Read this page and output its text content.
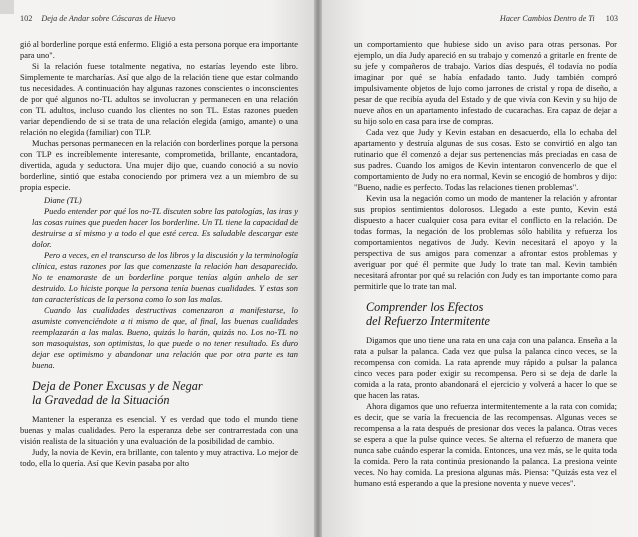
102 Deja de Andar sobre Cáscaras de Huevo

gió al borderline porque está enfermo. Eligió a esta persona porque era importante para uno".

Si la relación fuese totalmente negativa, no estarías leyendo este libro. Simplemente te marcharías. Así que algo de la relación tiene que estar colmando tus necesidades. A continuación hay algunas razones conscientes o inconscientes de por qué algunos no-TL adultos se involucran y permanecen en una relación con TL adultos, incluso cuando los clientes no son TL. Estas razones pueden variar dependiendo de si se trata de una relación elegida (amigo, amante) o una relación no elegida (familiar) con TLP.

Muchas personas permanecen en la relación con borderlines porque la persona con TLP es increíblemente interesante, comprometida, brillante, encantadora, divertida, aguda y seductora. Una mujer dijo que, cuando conoció a su novio borderline, sintió que estaba conociendo por primera vez a un miembro de su propia especie.

Diane (TL)

Puedo entender por qué los no-TL discuten sobre las patologías, las iras y las cosas ruines que pueden hacer los borderline. Un TL tiene la capacidad de destruirse a sí mismo y a todo el que esté cerca. Es saludable descargar este dolor.

Pero a veces, en el transcurso de los libros y la discusión y la terminología clínica, estas razones por las que comenzaste la relación han desaparecido. No te enamoraste de un borderline porque tenías algún anhelo de ser destruido. Lo hiciste porque la persona tenía buenas cualidades. Y estas son tan características de la persona como lo son las malas.

Cuando las cualidades destructivas comenzaron a manifestarse, lo asumiste convenciéndote a ti mismo de que, al final, las buenas cualidades reemplazarán a las malas. Bueno, quizás lo harán, quizás no. Los no-TL no son masoquistas, son optimistas, lo que puede o no tener resultado. Es duro dejar ese optimismo y abandonar una relación que por otra parte es tan buena.

Deja de Poner Excusas y de Negar
la Gravedad de la Situación

Mantener la esperanza es esencial. Y es verdad que todo el mundo tiene buenas y malas cualidades. Pero la esperanza debe ser contrarrestada con una visión realista de la situación y una evaluación de la posibilidad de cambio.

Judy, la novia de Kevin, era brillante, con talento y muy atractiva. Lo mejor de todo, ella lo quería. Así que Kevin pasaba por alto

Hacer Cambios Dentro de Ti 103

un comportamiento que hubiese sido un aviso para otras personas. Por ejemplo, un día Judy apareció en su trabajo y comenzó a gritarle en frente de su jefe y compañeros de trabajo. Varios días después, él todavía no podía imaginar por qué se había enfadado tanto. Judy también compró impulsivamente objetos de lujo como jarrones de cristal y ropa de diseño, a pesar de que recibía ayuda del Estado y de que vivía con Kevin y su hijo de nueve años en un apartamento infestado de cucarachas. Era capaz de dejar a su hijo solo en casa para irse de compras.

Cada vez que Judy y Kevin estaban en desacuerdo, ella lo echaba del apartamento y destruía algunas de sus cosas. Esto se convirtió en algo tan rutinario que él comenzó a dejar sus pertenencias más preciadas en casa de sus padres. Cuando los amigos de Kevin intentaron convencerlo de que el comportamiento de Judy no era normal, Kevin se encogió de hombros y dijo: "Bueno, nadie es perfecto. Todas las relaciones tienen problemas".

Kevin usa la negación como un modo de mantener la relación y afrontar sus propios sentimientos dolorosos. Llegado a este punto, Kevin está dispuesto a hacer cualquier cosa para evitar el conflicto en la relación. De todas formas, la negación de los problemas sólo habilita y refuerza los comportamientos negativos de Judy. Kevin necesitará el apoyo y la perspectiva de sus amigos para comenzar a afrontar estos problemas y averiguar por qué él permite que Judy lo trate tan mal. Kevin también necesitará afrontar por qué su relación con Judy es tan importante como para permitirle que lo trate tan mal.

Comprender los Efectos
del Refuerzo Intermitente

Digamos que uno tiene una rata en una caja con una palanca. Enseña a la rata a pulsar la palanca. Cada vez que pulsa la palanca cinco veces, se la recompensa con comida. La rata aprende muy rápido a pulsar la palanca cinco veces para poder exigir su recompensa. Pero si se deja de darle la comida a la rata, pronto abandonará el ejercicio y volverá a hacer lo que se que hacen las ratas.

Ahora digamos que uno refuerza intermitentemente a la rata con comida; es decir, que se varía la frecuencia de las recompensas. Algunas veces se recompensa a la rata después de presionar dos veces la palanca. Otras veces se espera a que la pulse quince veces. Se alterna el refuerzo de manera que nunca sabe cuándo esperar la comida. Entonces, una vez más, se le quita toda la comida. Pero la rata continúa presionando la palanca. La presiona veinte veces. No hay comida. La presiona algunas más. Piensa: "Quizás esta vez el humano está esperando a que la presione noventa y nueve veces".
